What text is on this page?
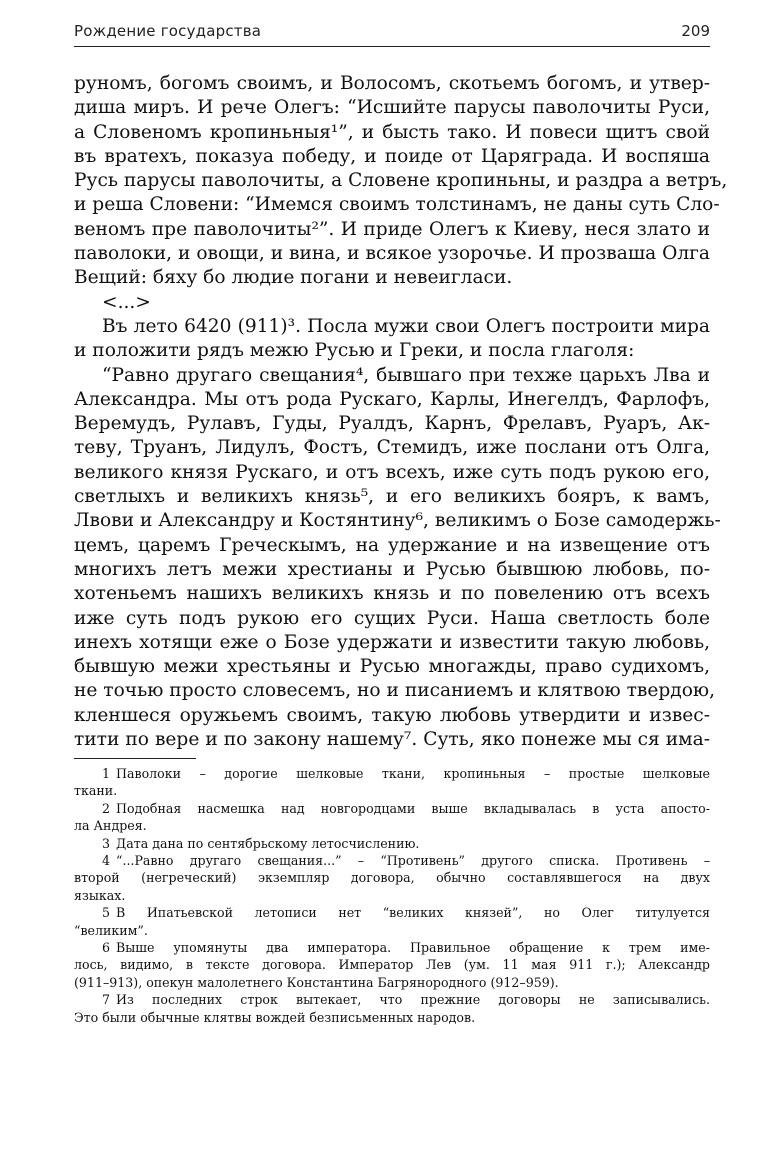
Рождение государства	209
руномъ, богомъ своимъ, и Волосомъ, скотьемъ богомъ, и утвер-
диша миръ. И рече Олегъ: “Исшийте парусы паволочиты Руси,
а Словеномъ кропиньныя¹”, и бысть тако. И повеси щитъ свой
въ вратехъ, показуа победу, и поиде от Царяграда. И воспяша
Русь парусы паволочиты, а Словене кропиньны, и раздра а ветръ,
и реша Словени: “Имемся своимъ толстинамъ, не даны суть Сло-
веномъ пре паволочиты²”. И приде Олегъ к Киеву, неся злато и
паволоки, и овощи, и вина, и всякое узорочье. И прозваша Олга
Вещий: бяху бо людие погани и невеигласи.
<...>
Въ лето 6420 (911)³. Посла мужи свои Олегъ построити мира
и положити рядъ межю Русью и Греки, и посла глаголя:
“Равно другаго свещания⁴, бывшаго при техже царьхъ Лва и
Александра. Мы отъ рода Рускаго, Карлы, Инегелдъ, Фарлофъ,
Веремудъ, Рулавъ, Гуды, Руалдъ, Карнъ, Фрелавъ, Руаръ, Ак-
теву, Труанъ, Лидулъ, Фостъ, Стемидъ, иже послани отъ Олга,
великого князя Рускаго, и отъ всехъ, иже суть подъ рукою его,
светлыхъ и великихъ князь⁵, и его великихъ бояръ, к вамъ,
Лвови и Александру и Костянтину⁶, великимъ о Бозе самодержь-
цемъ, царемъ Греческымъ, на удержание и на извещение отъ
многихъ летъ межи хрестианы и Русью бывшюю любовь, по-
хотеньемъ нашихъ великихъ князь и по повелению отъ всехъ
иже суть подъ рукою его сущих Руси. Наша светлость боле
инехъ хотящи еже о Бозе удержати и известити такую любовь,
бывшую межи хрестьяны и Русью многажды, право судихомъ,
не точью просто словесемъ, но и писаниемъ и клятвою твердою,
кленшеся оружьемъ своимъ, такую любовь утвердити и извес-
тити по вере и по закону нашему⁷. Суть, яко понеже мы ся има-
1 Паволоки – дорогие шелковые ткани, кропиньныя – простые шелковые
ткани.
2 Подобная насмешка над новгородцами выше вкладывалась в уста апосто-
ла Андрея.
3 Дата дана по сентябрьскому летосчислению.
4 “...Равно другаго свещания...” – “Противень” другого списка. Противень –
второй (негреческий) экземпляр договора, обычно составлявшегося на двух
языках.
5 В Ипатьевской летописи нет “великих князей”, но Олег титулуется
“великим”.
6 Выше упомянуты два императора. Правильное обращение к трем име-
лось, видимо, в тексте договора. Император Лев (ум. 11 мая 911 г.); Александр
(911–913), опекун малолетнего Константина Багрянородного (912–959).
7 Из последних строк вытекает, что прежние договоры не записывались.
Это были обычные клятвы вождей безписьменных народов.
